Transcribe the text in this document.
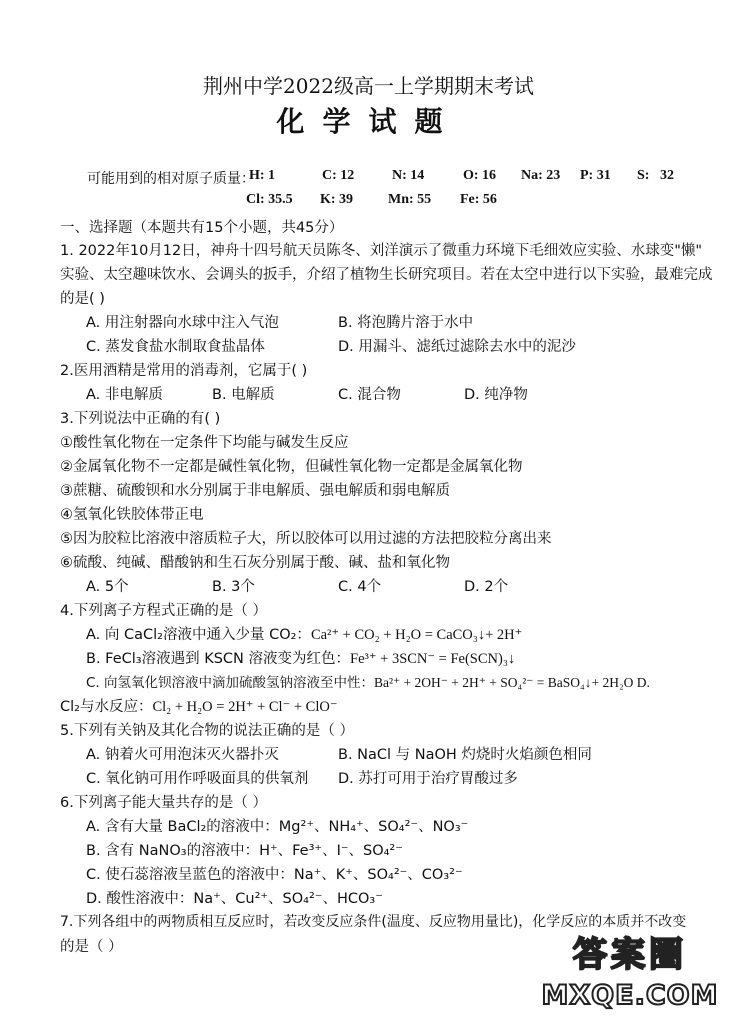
荆州中学2022级高一上学期期末考试
化学试题
可能用到的相对原子质量：
H: 1	C: 12	N: 14	O: 16 Na: 23 P: 31 S:   32
Cl: 35.5 K: 39 Mn: 55 Fe: 56
一、选择题（本题共有15个小题，共45分）
1. 2022年10月12日，神舟十四号航天员陈冬、刘洋演示了微重力环境下毛细效应实验、水球变"懒"
实验、太空趣味饮水、会调头的扳手，介绍了植物生长研究项目。若在太空中进行以下实验，最难完成
的是( )
A. 用注射器向水球中注入气泡	B. 将泡腾片溶于水中
C. 蒸发食盐水制取食盐晶体	D. 用漏斗、滤纸过滤除去水中的泥沙
2.医用酒精是常用的消毒剂，它属于( )
A. 非电解质	B. 电解质	C. 混合物	D. 纯净物
3.下列说法中正确的有( )
①酸性氧化物在一定条件下均能与碱发生反应
②金属氧化物不一定都是碱性氧化物，但碱性氧化物一定都是金属氧化物
③蔗糖、硫酸钡和水分别属于非电解质、强电解质和弱电解质
④氢氧化铁胶体带正电
⑤因为胶粒比溶液中溶质粒子大，所以胶体可以用过滤的方法把胶粒分离出来
⑥硫酸、纯碱、醋酸钠和生石灰分别属于酸、碱、盐和氧化物
A. 5个	B. 3个	C. 4个	D. 2个
4.下列离子方程式正确的是（ ）
A. 向 CaCl₂溶液中通入少量 CO₂：Ca²⁺ + CO₂ + H₂O = CaCO₃↓+ 2H⁺
B. FeCl₃溶液遇到 KSCN 溶液变为红色：Fe³⁺ + 3SCN⁻ = Fe(SCN)₃↓
C. 向氢氧化钡溶液中滴加硫酸氢钠溶液至中性：Ba²⁺ + 2OH⁻ + 2H⁺ + SO₄²⁻ = BaSO₄↓+ 2H₂O D.
Cl₂与水反应：Cl₂ + H₂O = 2H⁺ + Cl⁻ + ClO⁻
5.下列有关钠及其化合物的说法正确的是（ ）
A. 钠着火可用泡沫灭火器扑灭	B. NaCl 与 NaOH 灼烧时火焰颜色相同
C. 氧化钠可用作呼吸面具的供氧剂 D. 苏打可用于治疗胃酸过多
6.下列离子能大量共存的是（ ）
A. 含有大量 BaCl₂的溶液中：Mg²⁺、NH₄⁺、SO₄²⁻、NO₃⁻
B. 含有 NaNO₃的溶液中：H⁺、Fe³⁺、I⁻、SO₄²⁻
C. 使石蕊溶液呈蓝色的溶液中：Na⁺、K⁺、SO₄²⁻、CO₃²⁻
D. 酸性溶液中：Na⁺、Cu²⁺、SO₄²⁻、HCO₃⁻
7.下列各组中的两物质相互反应时，若改变反应条件(温度、反应物用量比)，化学反应的本质并不改变
的是（ ）	答案圈
MXQE.COM
